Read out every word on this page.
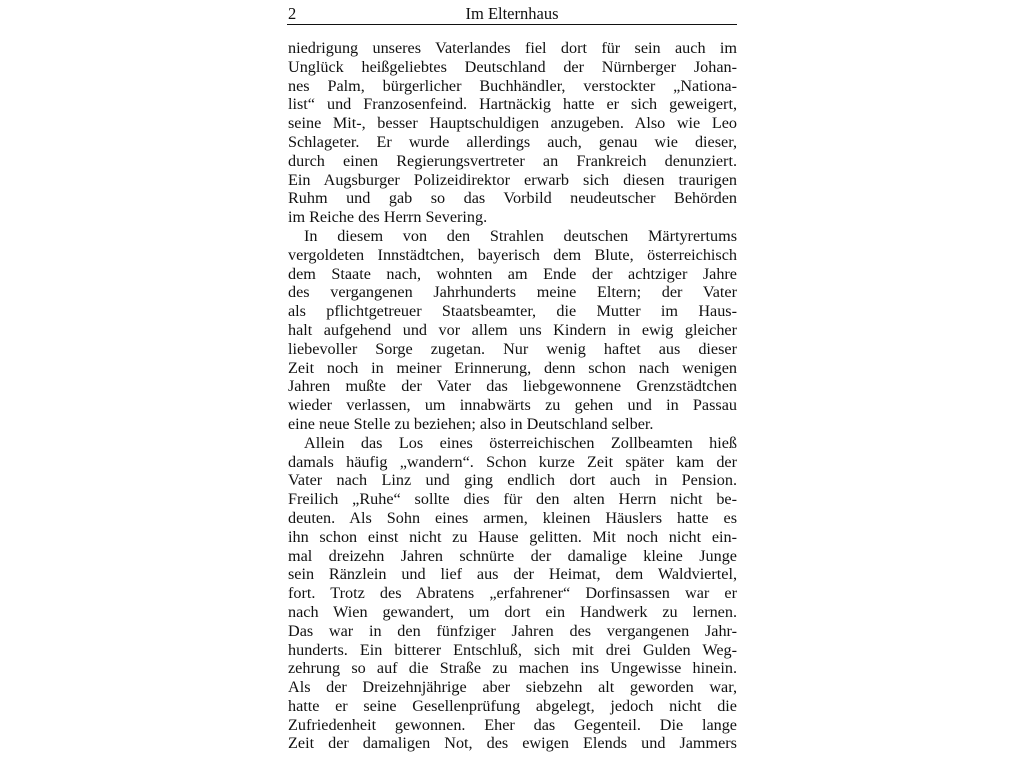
2	Im Elternhaus
niedrigung unseres Vaterlandes fiel dort für sein auch im
Unglück heißgeliebtes Deutschland der Nürnberger Johan-
nes Palm, bürgerlicher Buchhändler, verstockter „Nationa-
list“ und Franzosenfeind. Hartnäckig hatte er sich geweigert,
seine Mit-, besser Hauptschuldigen anzugeben. Also wie Leo
Schlageter. Er wurde allerdings auch, genau wie dieser,
durch einen Regierungsvertreter an Frankreich denunziert.
Ein Augsburger Polizeidirektor erwarb sich diesen traurigen
Ruhm und gab so das Vorbild neudeutscher Behörden
im Reiche des Herrn Severing.
In diesem von den Strahlen deutschen Märtyrertums
vergoldeten Innstädtchen, bayerisch dem Blute, österreichisch
dem Staate nach, wohnten am Ende der achtziger Jahre
des vergangenen Jahrhunderts meine Eltern; der Vater
als pflichtgetreuer Staatsbeamter, die Mutter im Haus-
halt aufgehend und vor allem uns Kindern in ewig gleicher
liebevoller Sorge zugetan. Nur wenig haftet aus dieser
Zeit noch in meiner Erinnerung, denn schon nach wenigen
Jahren mußte der Vater das liebgewonnene Grenzstädtchen
wieder verlassen, um innabwärts zu gehen und in Passau
eine neue Stelle zu beziehen; also in Deutschland selber.
Allein das Los eines österreichischen Zollbeamten hieß
damals häufig „wandern“. Schon kurze Zeit später kam der
Vater nach Linz und ging endlich dort auch in Pension.
Freilich „Ruhe“ sollte dies für den alten Herrn nicht be-
deuten. Als Sohn eines armen, kleinen Häuslers hatte es
ihn schon einst nicht zu Hause gelitten. Mit noch nicht ein-
mal dreizehn Jahren schnürte der damalige kleine Junge
sein Ränzlein und lief aus der Heimat, dem Waldviertel,
fort. Trotz des Abratens „erfahrener“ Dorfinsassen war er
nach Wien gewandert, um dort ein Handwerk zu lernen.
Das war in den fünfziger Jahren des vergangenen Jahr-
hunderts. Ein bitterer Entschluß, sich mit drei Gulden Weg-
zehrung so auf die Straße zu machen ins Ungewisse hinein.
Als der Dreizehnjährige aber siebzehn alt geworden war,
hatte er seine Gesellenprüfung abgelegt, jedoch nicht die
Zufriedenheit gewonnen. Eher das Gegenteil. Die lange
Zeit der damaligen Not, des ewigen Elends und Jammers
